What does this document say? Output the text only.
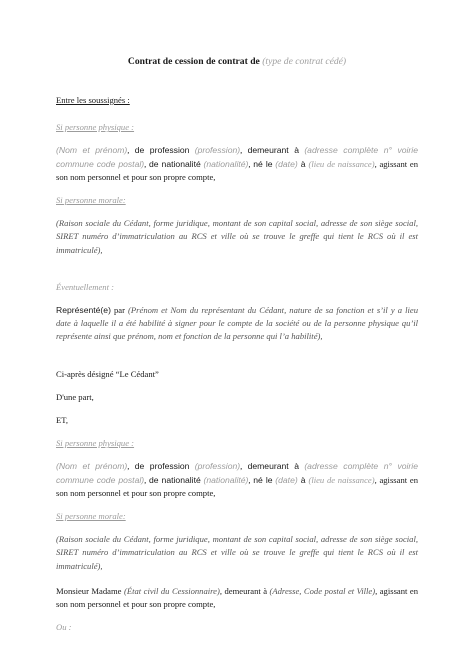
Contrat de cession de contrat de (type de contrat cédé)

Entre les soussignés :

Si personne physique :

(Nom et prénom), de profession (profession), demeurant à (adresse complète n° voirie commune code postal), de nationalité (nationalité), né le (date) à (lieu de naissance), agissant en son nom personnel et pour son propre compte,

Si personne morale:

(Raison sociale du Cédant, forme juridique, montant de son capital social, adresse de son siège social, SIRET numéro d’immatriculation au RCS et ville où se trouve le greffe qui tient le RCS où il est immatriculé),

Éventuellement :

Représenté(e) par (Prénom et Nom du représentant du Cédant, nature de sa fonction et s’il y a lieu date à laquelle il a été habilité à signer pour le compte de la société ou de la personne physique qu’il représente ainsi que prénom, nom et fonction de la personne qui l’a habilité),

Ci-après désigné “Le Cédant”

D'une part,

ET,

Si personne physique :

(Nom et prénom), de profession (profession), demeurant à (adresse complète n° voirie commune code postal), de nationalité (nationalité), né le (date) à (lieu de naissance), agissant en son nom personnel et pour son propre compte,

Si personne morale:

(Raison sociale du Cédant, forme juridique, montant de son capital social, adresse de son siège social, SIRET numéro d’immatriculation au RCS et ville où se trouve le greffe qui tient le RCS où il est immatriculé),

Monsieur Madame (État civil du Cessionnaire), demeurant à (Adresse, Code postal et Ville), agissant en son nom personnel et pour son propre compte,

Ou :
